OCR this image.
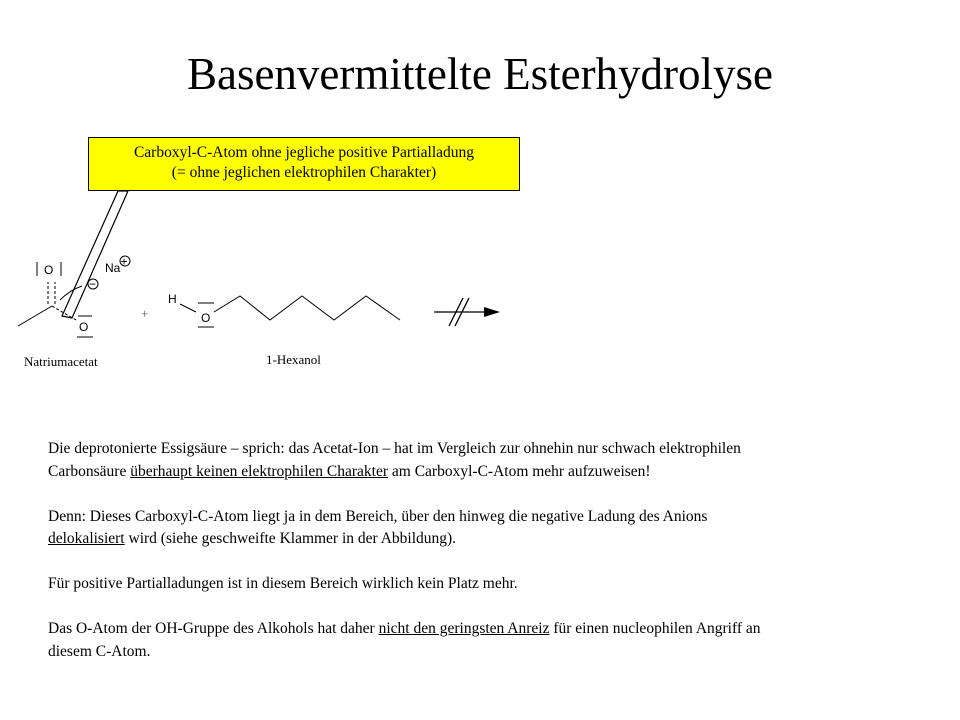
Basenvermittelte Esterhydrolyse
O
O
Na +
−
Natriumacetat
+
H
O
1-Hexanol
Carboxyl-C-Atom ohne jegliche positive Partialladung
(= ohne jeglichen elektrophilen Charakter)

Die deprotonierte Essigsäure – sprich: das Acetat-Ion – hat im Vergleich zur ohnehin nur schwach elektrophilen
Carbonsäure überhaupt keinen elektrophilen Charakter am Carboxyl-C-Atom mehr aufzuweisen!

Denn: Dieses Carboxyl-C-Atom liegt ja in dem Bereich, über den hinweg die negative Ladung des Anions
delokalisiert wird (siehe geschweifte Klammer in der Abbildung).

Für positive Partialladungen ist in diesem Bereich wirklich kein Platz mehr.

Das O-Atom der OH-Gruppe des Alkohols hat daher nicht den geringsten Anreiz für einen nucleophilen Angriff an
diesem C-Atom.
